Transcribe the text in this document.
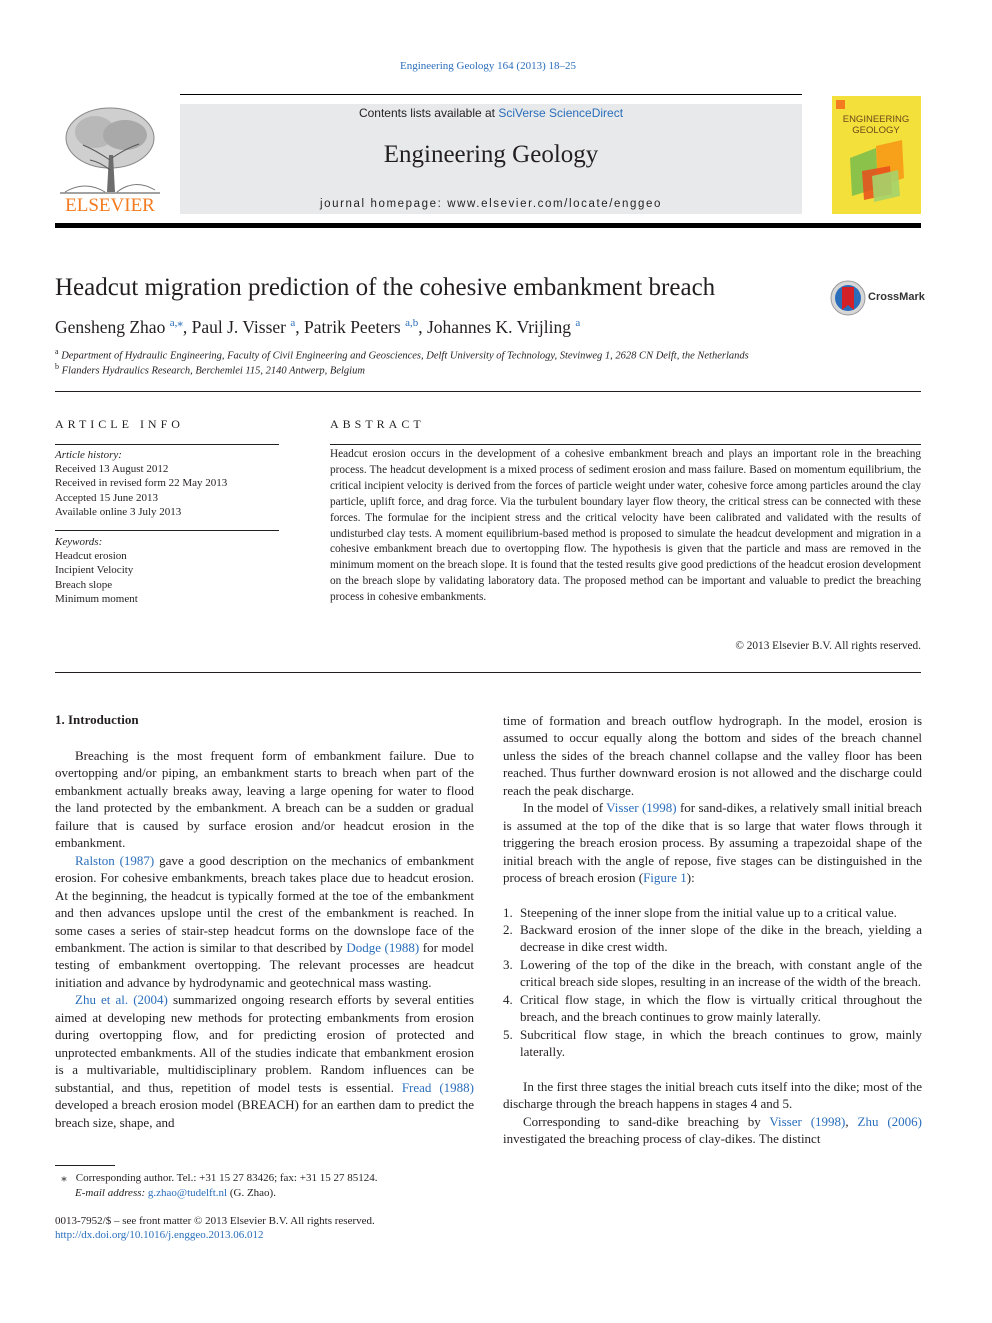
Engineering Geology 164 (2013) 18–25
ELSEVIER
Contents lists available at SciVerse ScienceDirect
Engineering Geology
journal homepage: www.elsevier.com/locate/enggeo
ENGINEERING
GEOLOGY
Headcut migration prediction of the cohesive embankment breach	CrossMark
Gensheng Zhao $^{a,⁎}$, Paul J. Visser $^a$, Patrik Peeters $^{a,b}$, Johannes K. Vrijling $^a$
$^a$ Department of Hydraulic Engineering, Faculty of Civil Engineering and Geosciences, Delft University of Technology, Stevinweg 1, 2628 CN Delft, the Netherlands
$^b$ Flanders Hydraulics Research, Berchemlei 115, 2140 Antwerp, Belgium
ARTICLE INFO
Article history:
Received 13 August 2012
Received in revised form 22 May 2013
Accepted 15 June 2013
Available online 3 July 2013
Keywords:
Headcut erosion
Incipient Velocity
Breach slope
Minimum moment
ABSTRACT
Headcut erosion occurs in the development of a cohesive embankment breach and plays an important role in the breaching process. The headcut development is a mixed process of sediment erosion and mass failure. Based on momentum equilibrium, the critical incipient velocity is derived from the forces of particle weight under water, cohesive force among particles around the clay particle, uplift force, and drag force. Via the turbulent boundary layer flow theory, the critical stress can be connected with these forces. The formulae for the incipient stress and the critical velocity have been calibrated and validated with the results of undisturbed clay tests. A moment equilibrium-based method is proposed to simulate the headcut development and migration in a cohesive embankment breach due to overtopping flow. The hypothesis is given that the particle and mass are removed in the minimum moment on the breach slope. It is found that the tested results give good predictions of the headcut erosion development on the breach slope by validating laboratory data. The proposed method can be important and valuable to predict the breaching process in cohesive embankments.
© 2013 Elsevier B.V. All rights reserved.
1. Introduction

Breaching is the most frequent form of embankment failure. Due to overtopping and/or piping, an embankment starts to breach when part of the embankment actually breaks away, leaving a large opening for water to flood the land protected by the embankment. A breach can be a sudden or gradual failure that is caused by surface erosion and/or headcut erosion in the embankment.

Ralston (1987) gave a good description on the mechanics of embankment erosion. For cohesive embankments, breach takes place due to headcut erosion. At the beginning, the headcut is typically formed at the toe of the embankment and then advances upslope until the crest of the embankment is reached. In some cases a series of stair-step headcut forms on the downslope face of the embankment. The action is similar to that described by Dodge (1988) for model testing of embankment overtopping. The relevant processes are headcut initiation and advance by hydrodynamic and geotechnical mass wasting.

Zhu et al. (2004) summarized ongoing research efforts by several entities aimed at developing new methods for protecting embankments from erosion during overtopping flow, and for predicting erosion of protected and unprotected embankments. All of the studies indicate that embankment erosion is a multivariable, multidisciplinary problem. Random influences can be substantial, and thus, repetition of model tests is essential. Fread (1988) developed a breach erosion model (BREACH) for an earthen dam to predict the breach size, shape, and

time of formation and breach outflow hydrograph. In the model, erosion is assumed to occur equally along the bottom and sides of the breach channel unless the sides of the breach channel collapse and the valley floor has been reached. Thus further downward erosion is not allowed and the discharge could reach the peak discharge.

In the model of Visser (1998) for sand-dikes, a relatively small initial breach is assumed at the top of the dike that is so large that water flows through it triggering the breach erosion process. By assuming a trapezoidal shape of the initial breach with the angle of repose, five stages can be distinguished in the process of breach erosion (Figure 1):

1. Steepening of the inner slope from the initial value up to a critical value.
2. Backward erosion of the inner slope of the dike in the breach, yielding a decrease in dike crest width.
3. Lowering of the top of the dike in the breach, with constant angle of the critical breach side slopes, resulting in an increase of the width of the breach.
4. Critical flow stage, in which the flow is virtually critical throughout the breach, and the breach continues to grow mainly laterally.
5. Subcritical flow stage, in which the breach continues to grow, mainly laterally.

In the first three stages the initial breach cuts itself into the dike; most of the discharge through the breach happens in stages 4 and 5.

Corresponding to sand-dike breaching by Visser (1998), Zhu (2006) investigated the breaching process of clay-dikes. The distinct

⁎ Corresponding author. Tel.: +31 15 27 83426; fax: +31 15 27 85124.
E-mail address: g.zhao@tudelft.nl (G. Zhao).
0013-7952/$ – see front matter © 2013 Elsevier B.V. All rights reserved.
http://dx.doi.org/10.1016/j.enggeo.2013.06.012
